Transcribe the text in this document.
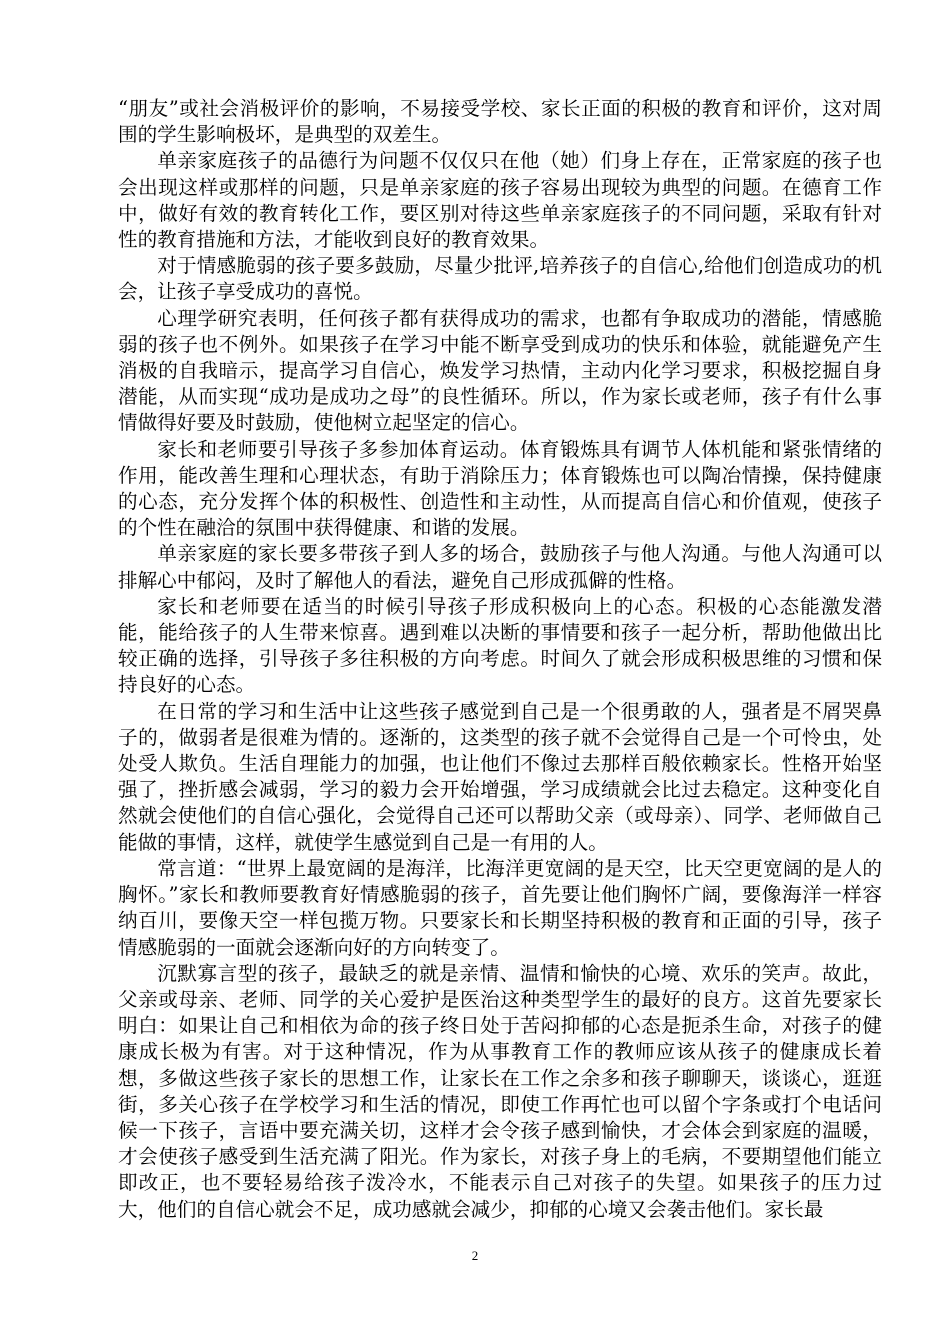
“朋友”或社会消极评价的影响，不易接受学校、家长正面的积极的教育和评价，这对周围的学生影响极坏，是典型的双差生。

单亲家庭孩子的品德行为问题不仅仅只在他（她）们身上存在，正常家庭的孩子也会出现这样或那样的问题，只是单亲家庭的孩子容易出现较为典型的问题。在德育工作中，做好有效的教育转化工作，要区别对待这些单亲家庭孩子的不同问题，采取有针对性的教育措施和方法，才能收到良好的教育效果。

对于情感脆弱的孩子要多鼓励，尽量少批评,培养孩子的自信心,给他们创造成功的机会，让孩子享受成功的喜悦。

心理学研究表明，任何孩子都有获得成功的需求，也都有争取成功的潜能，情感脆弱的孩子也不例外。如果孩子在学习中能不断享受到成功的快乐和体验，就能避免产生消极的自我暗示，提高学习自信心，焕发学习热情，主动内化学习要求，积极挖掘自身潜能，从而实现“成功是成功之母”的良性循环。所以，作为家长或老师，孩子有什么事情做得好要及时鼓励，使他树立起坚定的信心。

家长和老师要引导孩子多参加体育运动。体育锻炼具有调节人体机能和紧张情绪的作用，能改善生理和心理状态，有助于消除压力；体育锻炼也可以陶冶情操，保持健康的心态，充分发挥个体的积极性、创造性和主动性，从而提高自信心和价值观，使孩子的个性在融洽的氛围中获得健康、和谐的发展。

单亲家庭的家长要多带孩子到人多的场合，鼓励孩子与他人沟通。与他人沟通可以排解心中郁闷，及时了解他人的看法，避免自己形成孤僻的性格。

家长和老师要在适当的时候引导孩子形成积极向上的心态。积极的心态能激发潜能，能给孩子的人生带来惊喜。遇到难以决断的事情要和孩子一起分析，帮助他做出比较正确的选择，引导孩子多往积极的方向考虑。时间久了就会形成积极思维的习惯和保持良好的心态。

在日常的学习和生活中让这些孩子感觉到自己是一个很勇敢的人，强者是不屑哭鼻子的，做弱者是很难为情的。逐渐的，这类型的孩子就不会觉得自己是一个可怜虫，处处受人欺负。生活自理能力的加强，也让他们不像过去那样百般依赖家长。性格开始坚强了，挫折感会减弱，学习的毅力会开始增强，学习成绩就会比过去稳定。这种变化自然就会使他们的自信心强化，会觉得自己还可以帮助父亲（或母亲）、同学、老师做自己能做的事情，这样，就使学生感觉到自己是一有用的人。

常言道：“世界上最宽阔的是海洋，比海洋更宽阔的是天空，比天空更宽阔的是人的胸怀。”家长和教师要教育好情感脆弱的孩子，首先要让他们胸怀广阔，要像海洋一样容纳百川，要像天空一样包揽万物。只要家长和长期坚持积极的教育和正面的引导，孩子情感脆弱的一面就会逐渐向好的方向转变了。

沉默寡言型的孩子，最缺乏的就是亲情、温情和愉快的心境、欢乐的笑声。故此，父亲或母亲、老师、同学的关心爱护是医治这种类型学生的最好的良方。这首先要家长明白：如果让自己和相依为命的孩子终日处于苦闷抑郁的心态是扼杀生命，对孩子的健康成长极为有害。对于这种情况，作为从事教育工作的教师应该从孩子的健康成长着想，多做这些孩子家长的思想工作，让家长在工作之余多和孩子聊聊天，谈谈心，逛逛街，多关心孩子在学校学习和生活的情况，即使工作再忙也可以留个字条或打个电话问候一下孩子，言语中要充满关切，这样才会令孩子感到愉快，才会体会到家庭的温暖，才会使孩子感受到生活充满了阳光。作为家长，对孩子身上的毛病，不要期望他们能立即改正，也不要轻易给孩子泼冷水，不能表示自己对孩子的失望。如果孩子的压力过大，他们的自信心就会不足，成功感就会减少，抑郁的心境又会袭击他们。家长最

2
